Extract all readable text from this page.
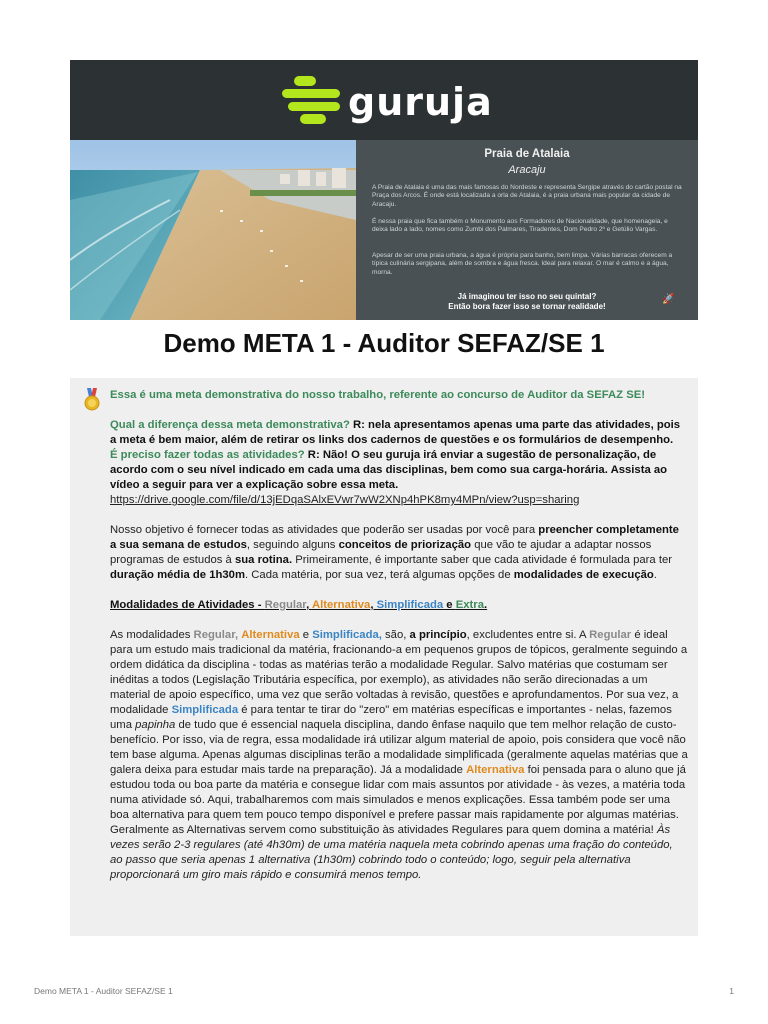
guruja
Praia de Atalaia
Aracaju
A Praia de Atalaia é uma das mais famosas do Nordeste e representa Sergipe através do cartão postal na Praça dos Arcos. É onde está localizada a orla de Atalaia, é a praia urbana mais popular da cidade de Aracaju.
É nessa praia que fica também o Monumento aos Formadores de Nacionalidade, que homenageia, e deixa lado a lado, nomes como Zumbi dos Palmares, Tiradentes, Dom Pedro 2º e Getúlio Vargas.
Apesar de ser uma praia urbana, a água é própria para banho, bem limpa. Várias barracas oferecem a típica culinária sergipana, além de sombra e água fresca. Ideal para relaxar. O mar é calmo e a água, morna.
Já imaginou ter isso no seu quintal?
Então bora fazer isso se tornar realidade!
🚀
Demo META 1 - Auditor SEFAZ/SE 1

Essa é uma meta demonstrativa do nosso trabalho, referente ao concurso de Auditor da SEFAZ SE!

Qual a diferença dessa meta demonstrativa? R: nela apresentamos apenas uma parte das atividades, pois a meta é bem maior, além de retirar os links dos cadernos de questões e os formulários de desempenho.

É preciso fazer todas as atividades? R: Não! O seu guruja irá enviar a sugestão de personalização, de acordo com o seu nível indicado em cada uma das disciplinas, bem como sua carga-horária. Assista ao vídeo a seguir para ver a explicação sobre essa meta.

https://drive.google.com/file/d/13jEDqaSAlxEVwr7wW2XNp4hPK8my4MPn/view?usp=sharing

Nosso objetivo é fornecer todas as atividades que poderão ser usadas por você para preencher completamente a sua semana de estudos, seguindo alguns conceitos de priorização que vão te ajudar a adaptar nossos programas de estudos à sua rotina. Primeiramente, é importante saber que cada atividade é formulada para ter duração média de 1h30m. Cada matéria, por sua vez, terá algumas opções de modalidades de execução.

Modalidades de Atividades - Regular, Alternativa, Simplificada e Extra.

As modalidades Regular, Alternativa e Simplificada, são, a princípio, excludentes entre si. A Regular é ideal para um estudo mais tradicional da matéria, fracionando-a em pequenos grupos de tópicos, geralmente seguindo a ordem didática da disciplina - todas as matérias terão a modalidade Regular. Salvo matérias que costumam ser inéditas a todos (Legislação Tributária específica, por exemplo), as atividades não serão direcionadas a um material de apoio específico, uma vez que serão voltadas à revisão, questões e aprofundamentos. Por sua vez, a modalidade Simplificada é para tentar te tirar do "zero" em matérias específicas e importantes - nelas, fazemos uma papinha de tudo que é essencial naquela disciplina, dando ênfase naquilo que tem melhor relação de custo-benefício. Por isso, via de regra, essa modalidade irá utilizar algum material de apoio, pois considera que você não tem base alguma. Apenas algumas disciplinas terão a modalidade simplificada (geralmente aquelas matérias que a galera deixa para estudar mais tarde na preparação). Já a modalidade Alternativa foi pensada para o aluno que já estudou toda ou boa parte da matéria e consegue lidar com mais assuntos por atividade - às vezes, a matéria toda numa atividade só. Aqui, trabalharemos com mais simulados e menos explicações. Essa também pode ser uma boa alternativa para quem tem pouco tempo disponível e prefere passar mais rapidamente por algumas matérias. Geralmente as Alternativas servem como substituição às atividades Regulares para quem domina a matéria! Às vezes serão 2-3 regulares (até 4h30m) de uma matéria naquela meta cobrindo apenas uma fração do conteúdo, ao passo que seria apenas 1 alternativa (1h30m) cobrindo todo o conteúdo; logo, seguir pela alternativa proporcionará um giro mais rápido e consumirá menos tempo.

Demo META 1 - Auditor SEFAZ/SE 1	1
